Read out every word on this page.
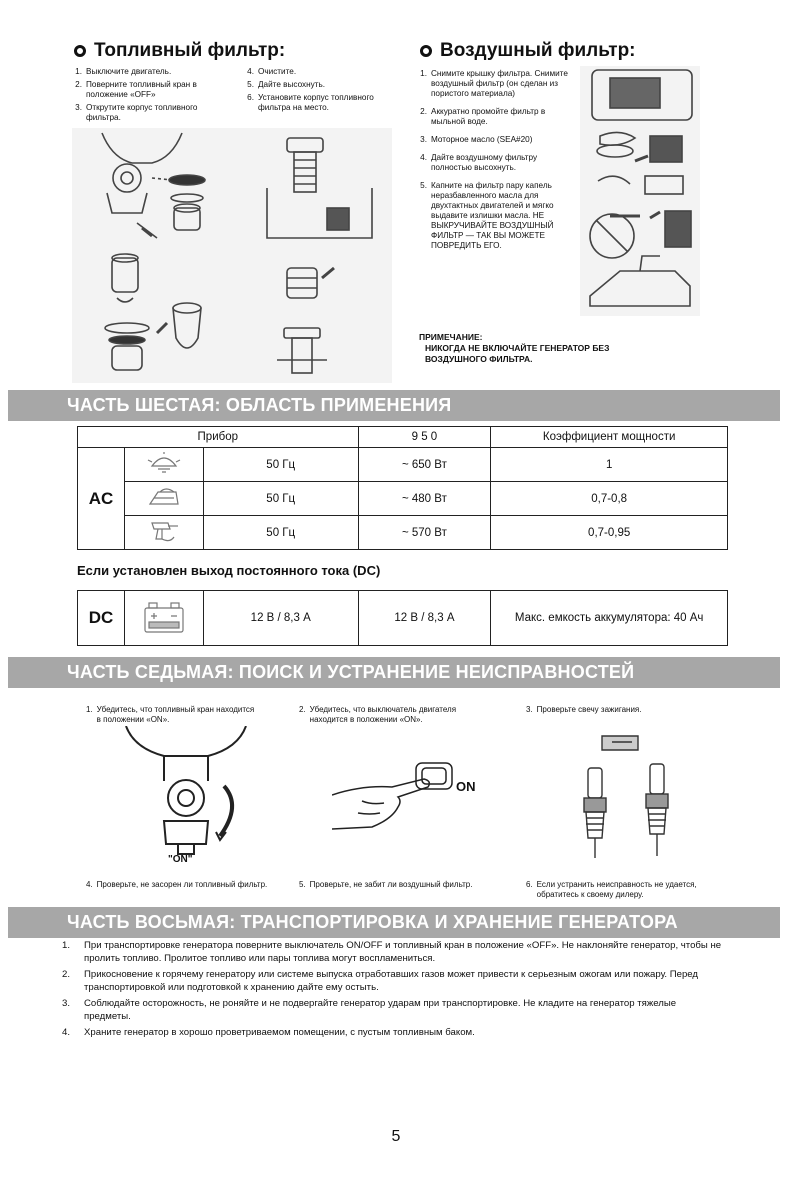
Топливный фильтр:
1. Выключите двигатель.
2. Поверните топливный кран в положение «OFF»
3. Открутите корпус топливного фильтра.
4. Очистите.
5. Дайте высохнуть.
6. Установите корпус топливного фильтра на место.
Воздушный фильтр:
1. Снимите крышку фильтра. Снимите воздушный фильтр (он сделан из пористого материала)
2. Аккуратно промойте фильтр в мыльной воде.
3. Моторное масло (SEA#20)
4. Дайте воздушному фильтру полностью высохнуть.
5. Капните на фильтр пару капель неразбавленного масла для двухтактных двигателей и мягко выдавите излишки масла. НЕ ВЫКРУЧИВАЙТЕ ВОЗДУШНЫЙ ФИЛЬТР — ТАК ВЫ МОЖЕТЕ ПОВРЕДИТЬ ЕГО.
ПРИМЕЧАНИЕ: НИКОГДА НЕ ВКЛЮЧАЙТЕ ГЕНЕРАТОР БЕЗ ВОЗДУШНОГО ФИЛЬТРА.
ЧАСТЬ ШЕСТАЯ: ОБЛАСТЬ ПРИМЕНЕНИЯ
Прибор			9 5 0	Коэффициент мощности
AC		50 Гц	~ 650 Вт	1
	50 Гц	~ 480 Вт	0,7-0,8
	50 Гц	~ 570 Вт	0,7-0,95
Если установлен выход постоянного тока (DC)
DC		12 В / 8,3 А	12 В / 8,3 А	Макс. емкость аккумулятора: 40 Ач
ЧАСТЬ СЕДЬМАЯ: ПОИСК И УСТРАНЕНИЕ НЕИСПРАВНОСТЕЙ
1. Убедитесь, что топливный кран находится в положении «ON».
2. Убедитесь, что выключатель двигателя находится в положении «ON».
3. Проверьте свечу зажигания.
"ON"
ON
4. Проверьте, не засорен ли топливный фильтр.	5. Проверьте, не забит ли воздушный фильтр.	6. Если устранить неисправность не удается, обратитесь к своему дилеру.
ЧАСТЬ ВОСЬМАЯ: ТРАНСПОРТИРОВКА И ХРАНЕНИЕ ГЕНЕРАТОРА
1.	При транспортировке генератора поверните выключатель ON/OFF и топливный кран в положение «OFF». Не наклоняйте генератор, чтобы не пролить топливо. Пролитое топливо или пары топлива могут воспламениться.
2.	Прикосновение к горячему генератору или системе выпуска отработавших газов может привести к серьезным ожогам или пожару. Перед транспортировкой или подготовкой к хранению дайте ему остыть.
3.	Соблюдайте осторожность, не роняйте и не подвергайте генератор ударам при транспортировке. Не кладите на генератор тяжелые предметы.
4.	Храните генератор в хорошо проветриваемом помещении, с пустым топливным баком.
5
